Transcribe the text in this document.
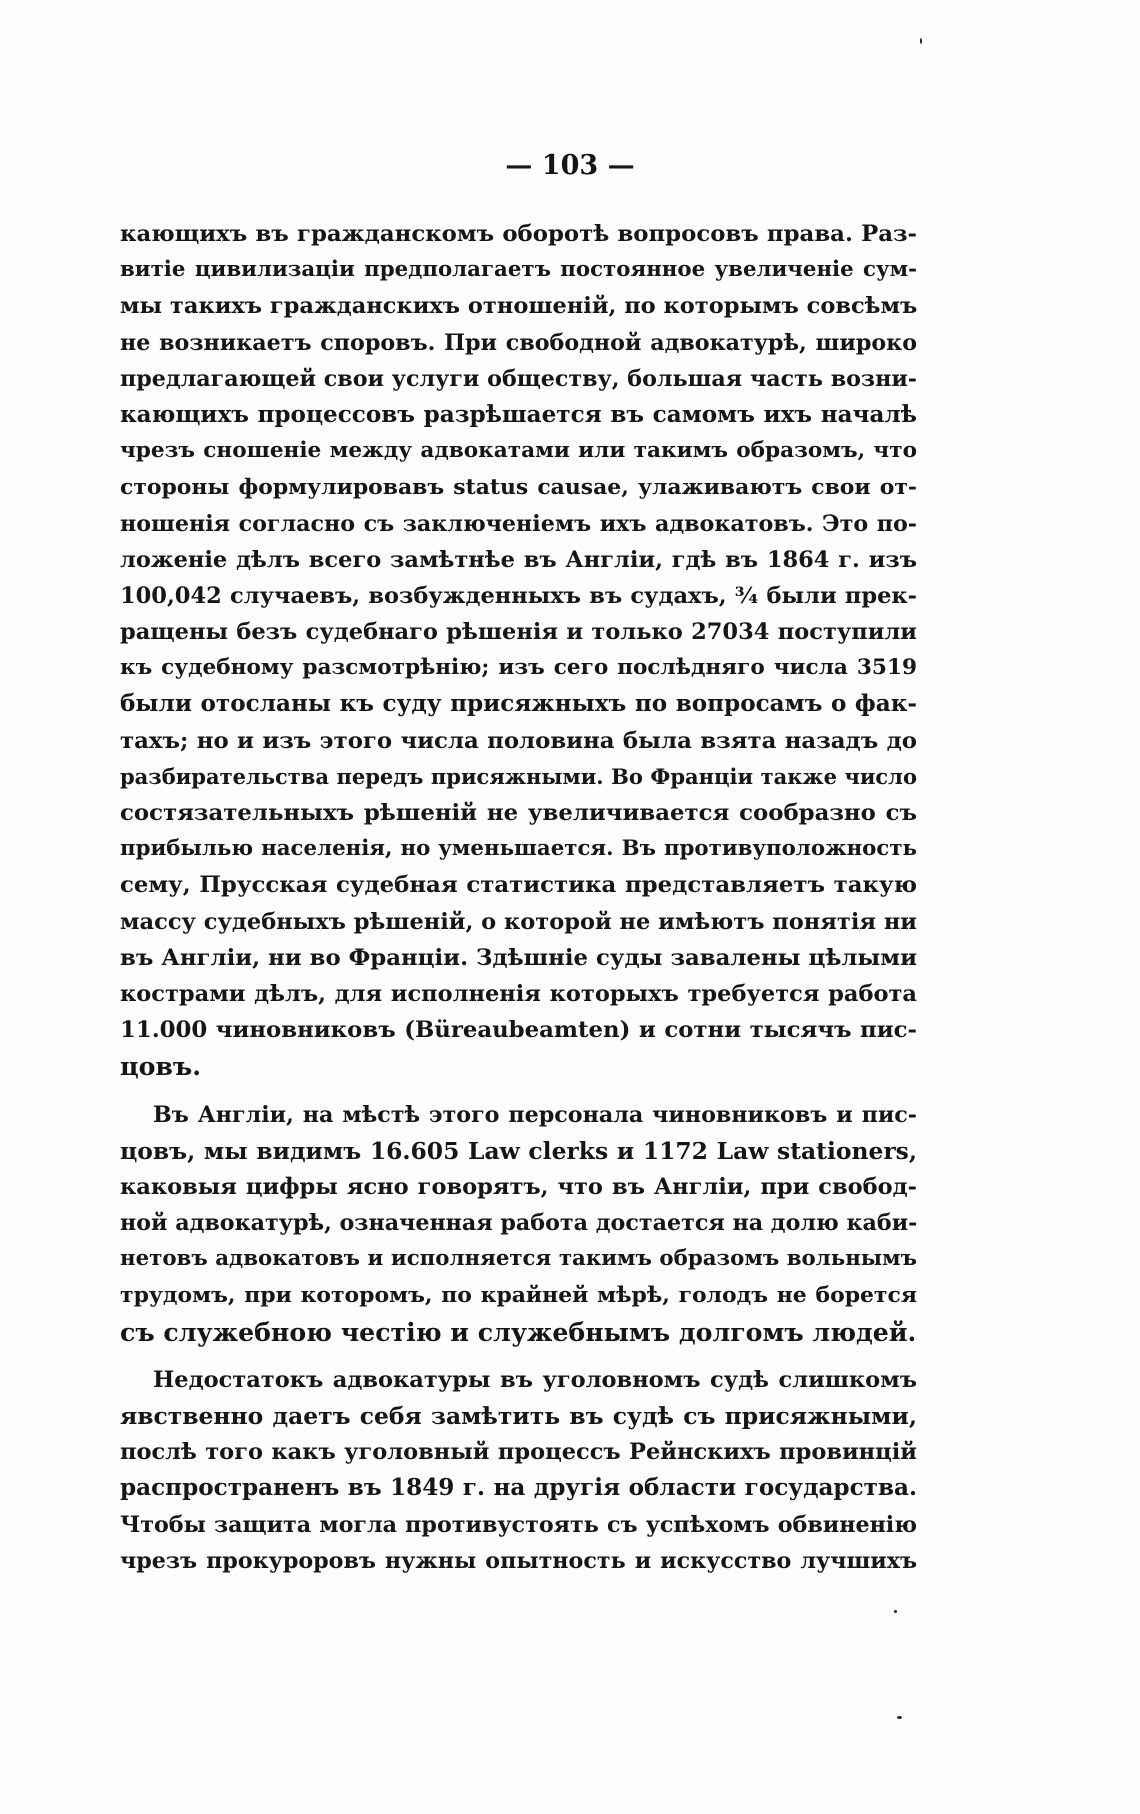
— 103 —

кающихъ въ гражданскомъ оборотѣ вопросовъ права. Раз-
витіе цивилизаціи предполагаетъ постоянное увеличеніе сум-
мы такихъ гражданскихъ отношеній, по которымъ совсѣмъ
не возникаетъ споровъ. При свободной адвокатурѣ, широко
предлагающей свои услуги обществу, большая часть возни-
кающихъ процессовъ разрѣшается въ самомъ ихъ началѣ
чрезъ сношеніе между адвокатами или такимъ образомъ, что
стороны формулировавъ status causae, улаживаютъ свои от-
ношенія согласно съ заключеніемъ ихъ адвокатовъ. Это по-
ложеніе дѣлъ всего замѣтнѣе въ Англіи, гдѣ въ 1864 г. изъ
100,042 случаевъ, возбужденныхъ въ судахъ, ¾ были прек-
ращены безъ судебнаго рѣшенія и только 27034 поступили
къ судебному разсмотрѣнію; изъ сего послѣдняго числа 3519
были отосланы къ суду присяжныхъ по вопросамъ о фак-
тахъ; но и изъ этого числа половина была взята назадъ до
разбирательства передъ присяжными. Во Франціи также число
состязательныхъ рѣшеній не увеличивается сообразно съ
прибылью населенія, но уменьшается. Въ противуположность
сему, Прусская судебная статистика представляетъ такую
массу судебныхъ рѣшеній, о которой не имѣютъ понятія ни
въ Англіи, ни во Франціи. Здѣшніе суды завалены цѣлыми
кострами дѣлъ, для исполненія которыхъ требуется работа
11.000 чиновниковъ (Büreaubeamten) и сотни тысячъ пис-
цовъ.
Въ Англіи, на мѣстѣ этого персонала чиновниковъ и пис-
цовъ, мы видимъ 16.605 Law clerks и 1172 Law stationers,
каковыя цифры ясно говорятъ, что въ Англіи, при свобод-
ной адвокатурѣ, означенная работа достается на долю каби-
нетовъ адвокатовъ и исполняется такимъ образомъ вольнымъ
трудомъ, при которомъ, по крайней мѣрѣ, голодъ не борется
съ служебною честію и служебнымъ долгомъ людей.
Недостатокъ адвокатуры въ уголовномъ судѣ слишкомъ
явственно даетъ себя замѣтить въ судѣ съ присяжными,
послѣ того какъ уголовный процессъ Рейнскихъ провинцій
распространенъ въ 1849 г. на другія области государства.
Чтобы защита могла противустоять съ успѣхомъ обвиненію
чрезъ прокуроровъ нужны опытность и искусство лучшихъ
